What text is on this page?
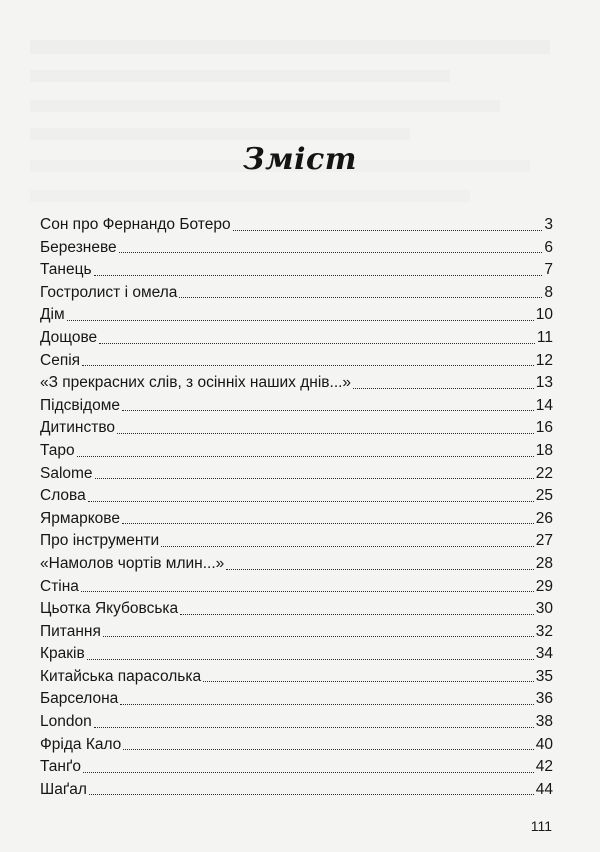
Зміст
Сон про Фернандо Ботеро	3
Березневе	6
Танець	7
Гостролист і омела	8
Дім	10
Дощове	11
Сепія	12
«З прекрасних слів, з осінніх наших днів...»	13
Підсвідоме	14
Дитинство	16
Таро	18
Salome	22
Слова	25
Ярмаркове	26
Про інструменти	27
«Намолов чортів млин...»	28
Стіна	29
Цьотка Якубовська	30
Питання	32
Краків	34
Китайська парасолька	35
Барселона	36
London	38
Фріда Кало	40
Танґо	42
Шаґал	44
111
